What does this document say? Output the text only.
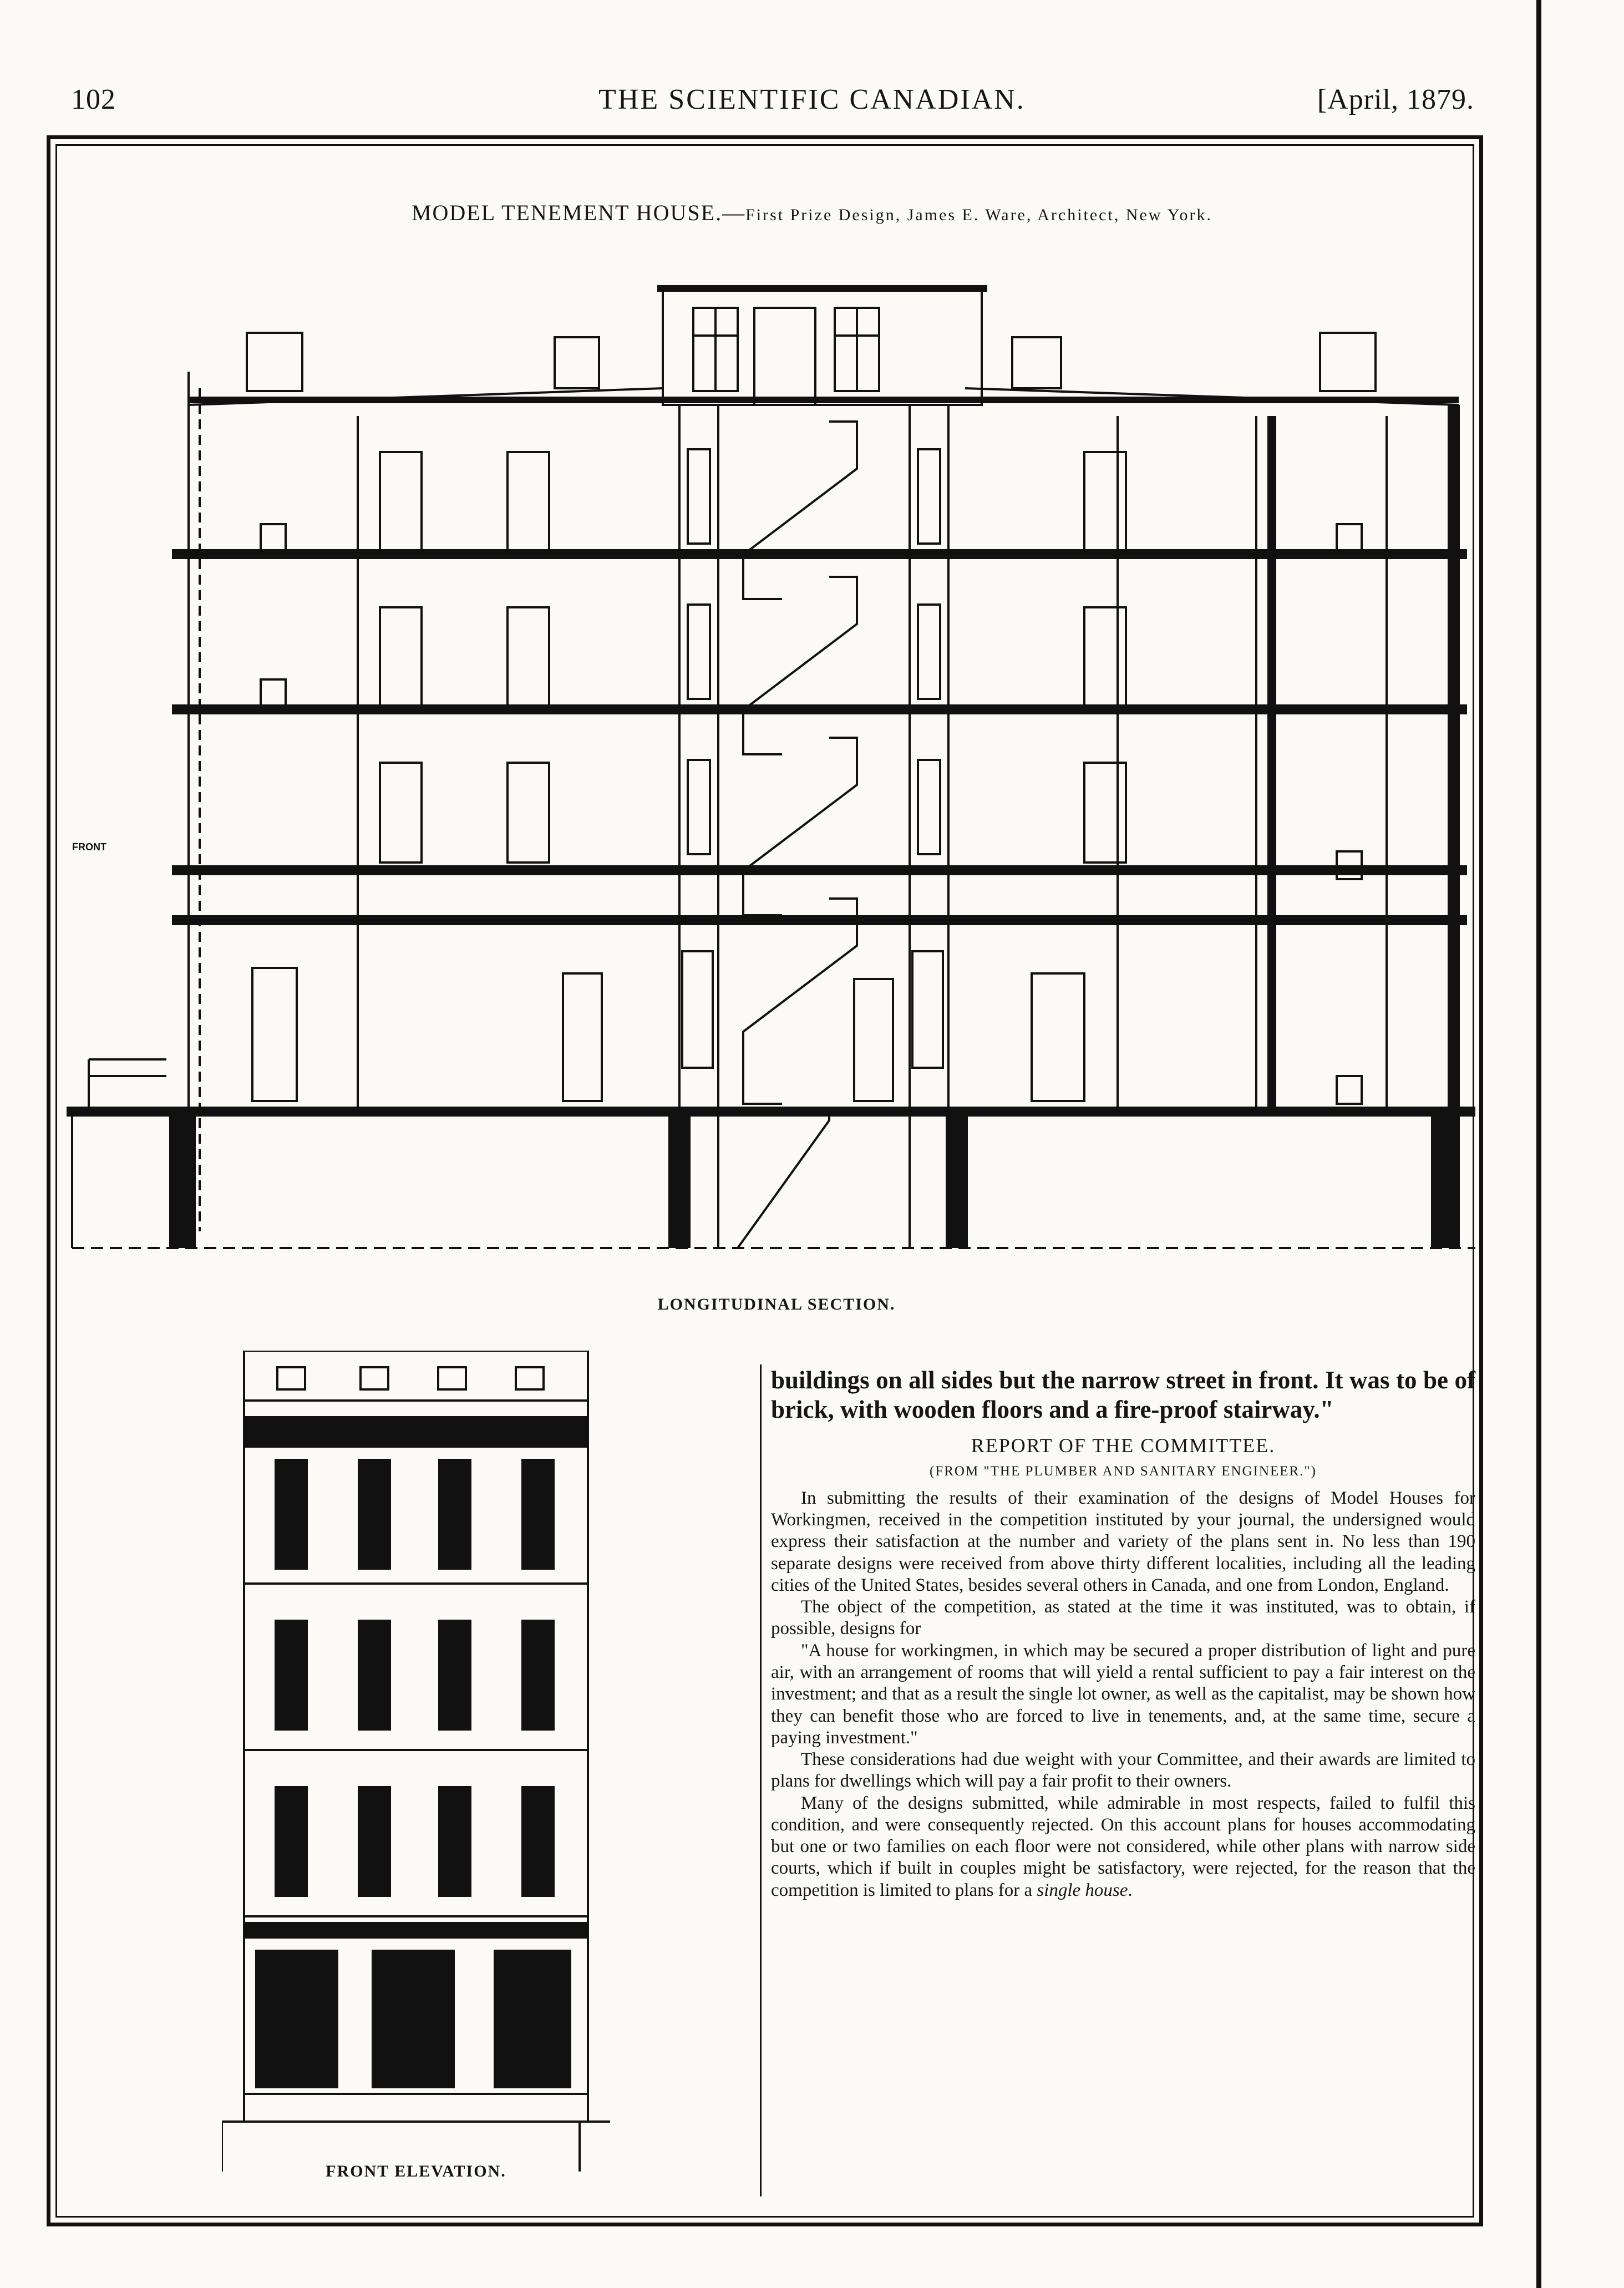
102	THE SCIENTIFIC CANADIAN.	[April, 1879.
MODEL TENEMENT HOUSE.—First Prize Design, James E. Ware, Architect, New York.
FRONT
LONGITUDINAL SECTION.
FRONT ELEVATION.

buildings on all sides but the narrow street in front. It was to be of brick, with wooden floors and a fire-proof stairway."

REPORT OF THE COMMITTEE.

(FROM "THE PLUMBER AND SANITARY ENGINEER.")

In submitting the results of their examination of the designs of Model Houses for Workingmen, received in the competition instituted by your journal, the undersigned would express their satisfaction at the number and variety of the plans sent in. No less than 190 separate designs were received from above thirty different localities, including all the leading cities of the United States, besides several others in Canada, and one from London, England.

The object of the competition, as stated at the time it was instituted, was to obtain, if possible, designs for

"A house for workingmen, in which may be secured a proper distribution of light and pure air, with an arrangement of rooms that will yield a rental sufficient to pay a fair interest on the investment; and that as a result the single lot owner, as well as the capitalist, may be shown how they can benefit those who are forced to live in tenements, and, at the same time, secure a paying investment."

These considerations had due weight with your Committee, and their awards are limited to plans for dwellings which will pay a fair profit to their owners.

Many of the designs submitted, while admirable in most respects, failed to fulfil this condition, and were consequently rejected. On this account plans for houses accommodating but one or two families on each floor were not considered, while other plans with narrow side courts, which if built in couples might be satisfactory, were rejected, for the reason that the competition is limited to plans for a single house.
